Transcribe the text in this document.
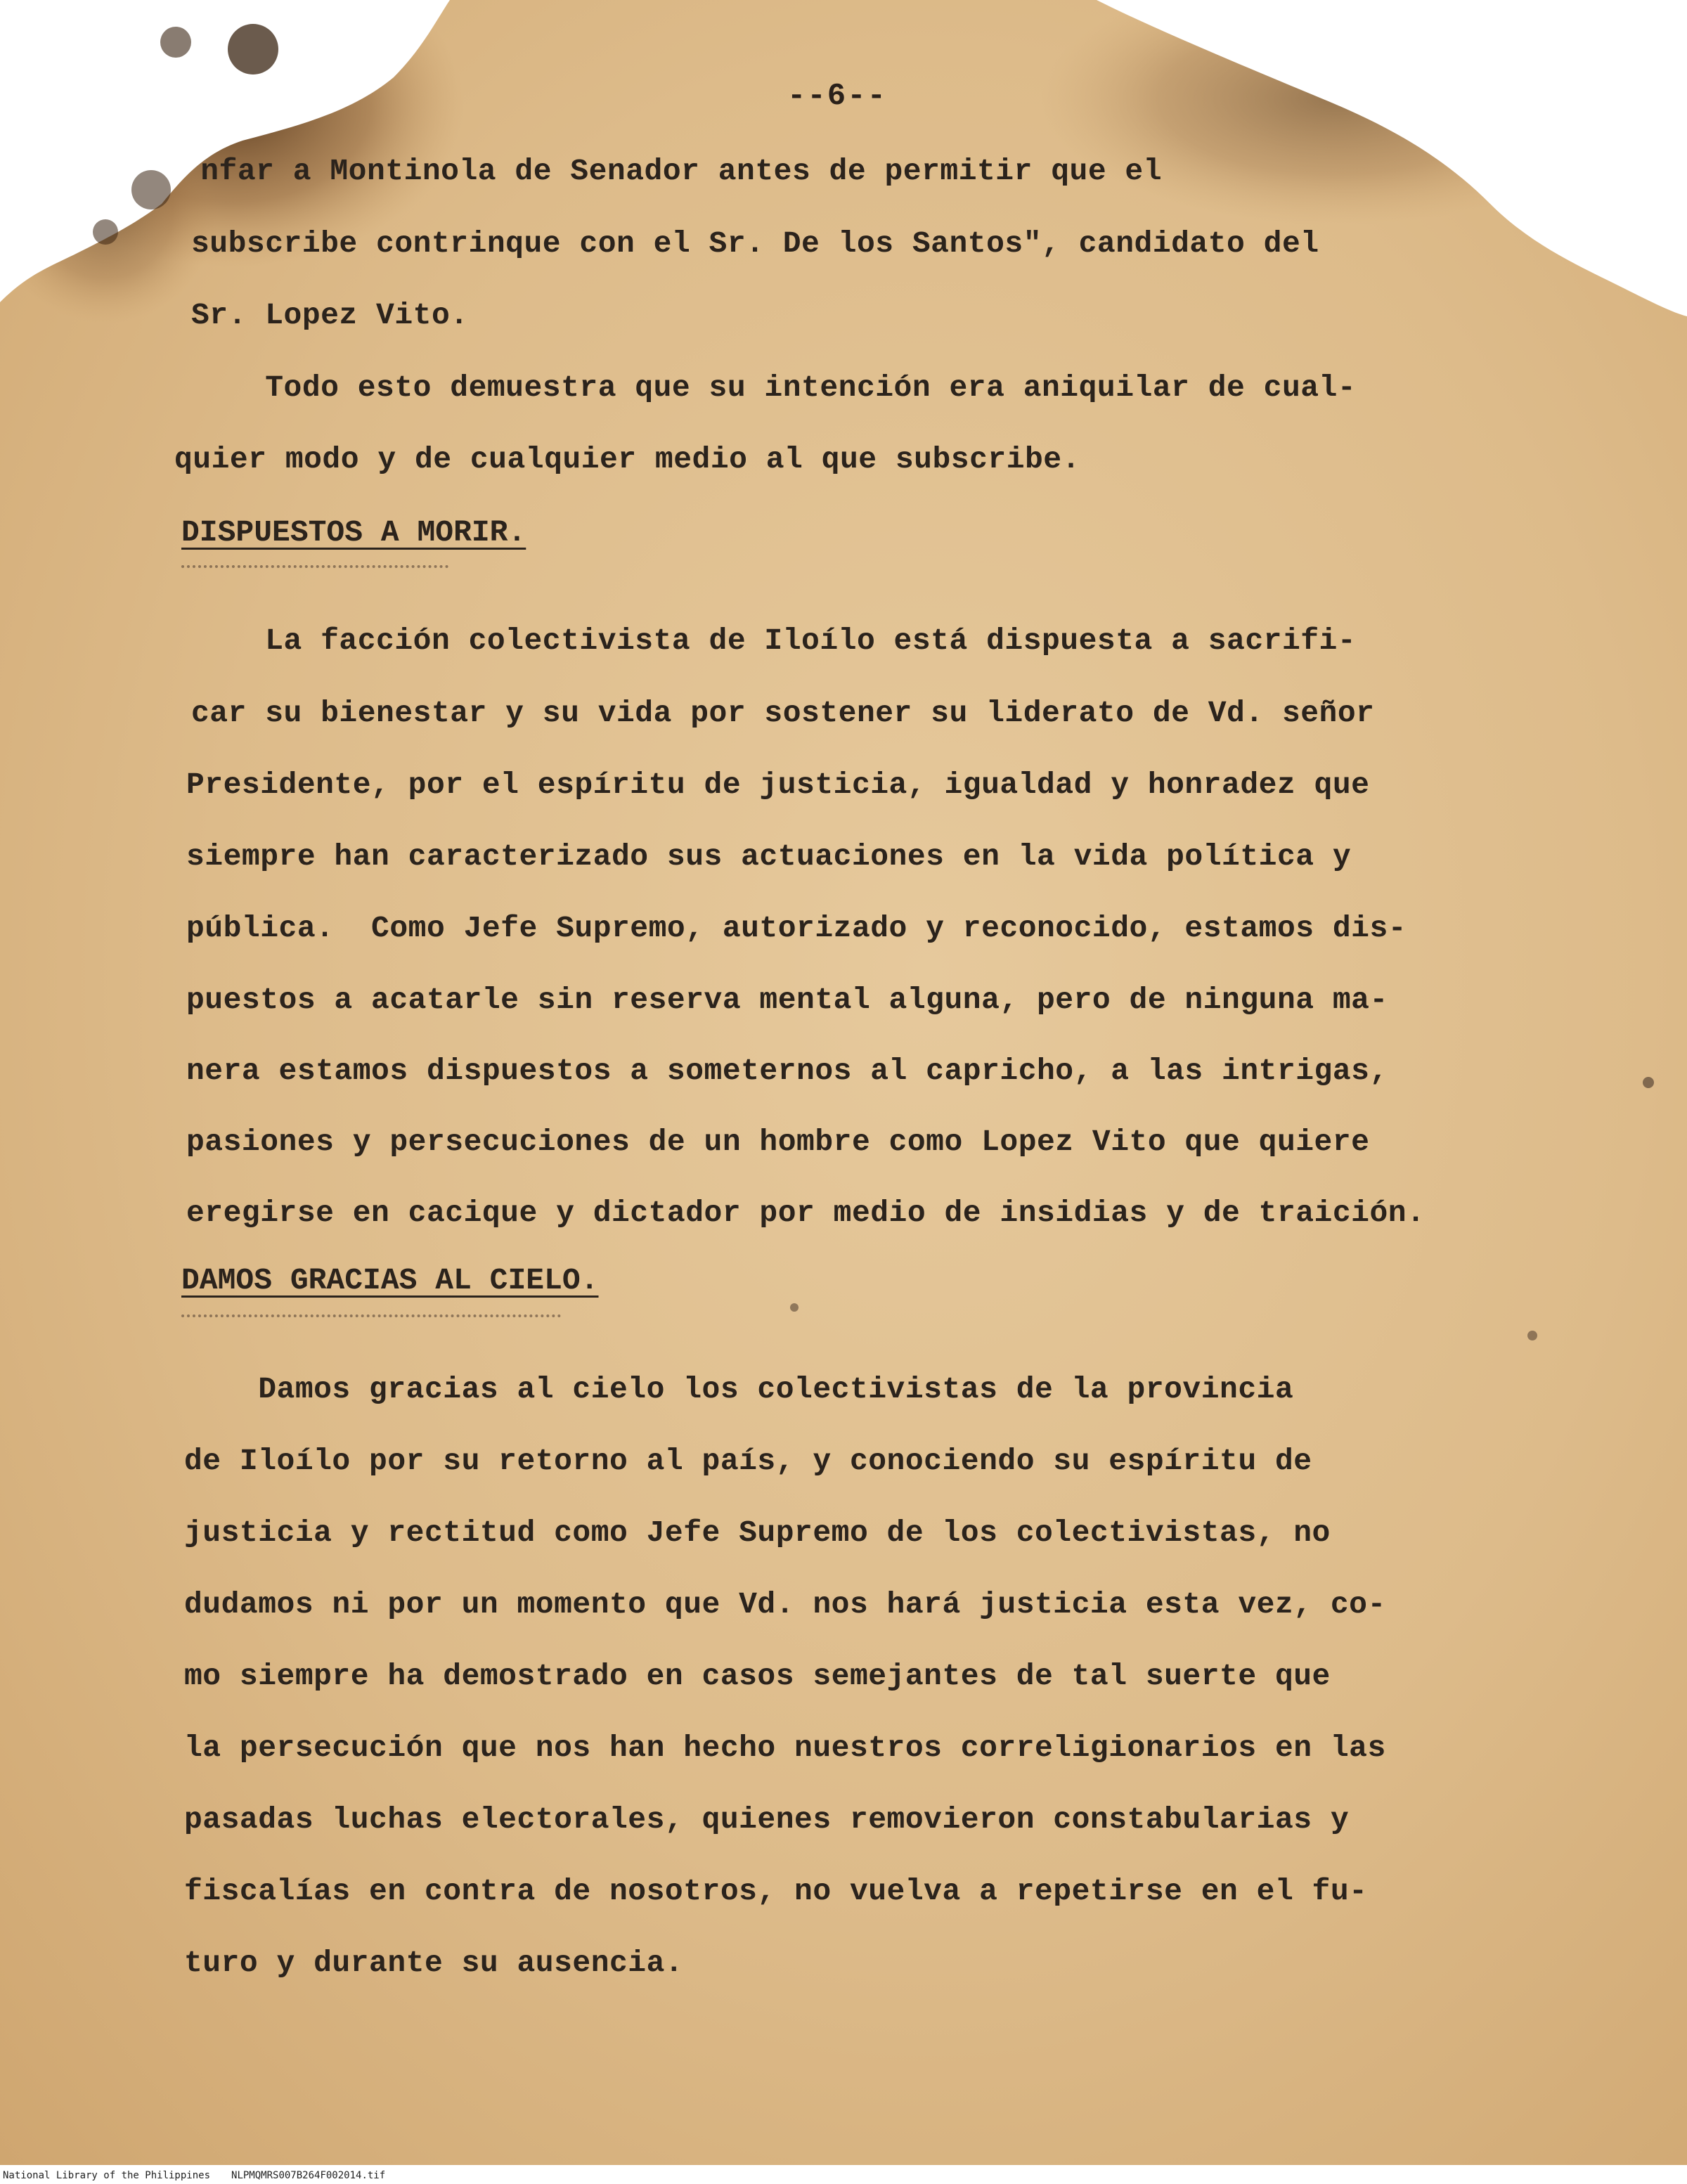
--6--
nfar a Montinola de Senador antes de permitir que el
subscribe contrinque con el Sr. De los Santos", candidato del
Sr. Lopez Vito.
Todo esto demuestra que su intención era aniquilar de cual-
quier modo y de cualquier medio al que subscribe.
DISPUESTOS A MORIR.
La facción colectivista de Iloílo está dispuesta a sacrifi-
car su bienestar y su vida por sostener su liderato de Vd. señor
Presidente, por el espíritu de justicia, igualdad y honradez que
siempre han caracterizado sus actuaciones en la vida política y
pública.  Como Jefe Supremo, autorizado y reconocido, estamos dis-
puestos a acatarle sin reserva mental alguna, pero de ninguna ma-
nera estamos dispuestos a someternos al capricho, a las intrigas,
pasiones y persecuciones de un hombre como Lopez Vito que quiere
eregirse en cacique y dictador por medio de insidias y de traición.
DAMOS GRACIAS AL CIELO.
Damos gracias al cielo los colectivistas de la provincia
de Iloílo por su retorno al país, y conociendo su espíritu de
justicia y rectitud como Jefe Supremo de los colectivistas, no
dudamos ni por un momento que Vd. nos hará justicia esta vez, co-
mo siempre ha demostrado en casos semejantes de tal suerte que
la persecución que nos han hecho nuestros correligionarios en las
pasadas luchas electorales, quienes removieron constabularias y
fiscalías en contra de nosotros, no vuelva a repetirse en el fu-
turo y durante su ausencia.
National Library of the Philippines NLPMQMRS007B264F002014.tif
